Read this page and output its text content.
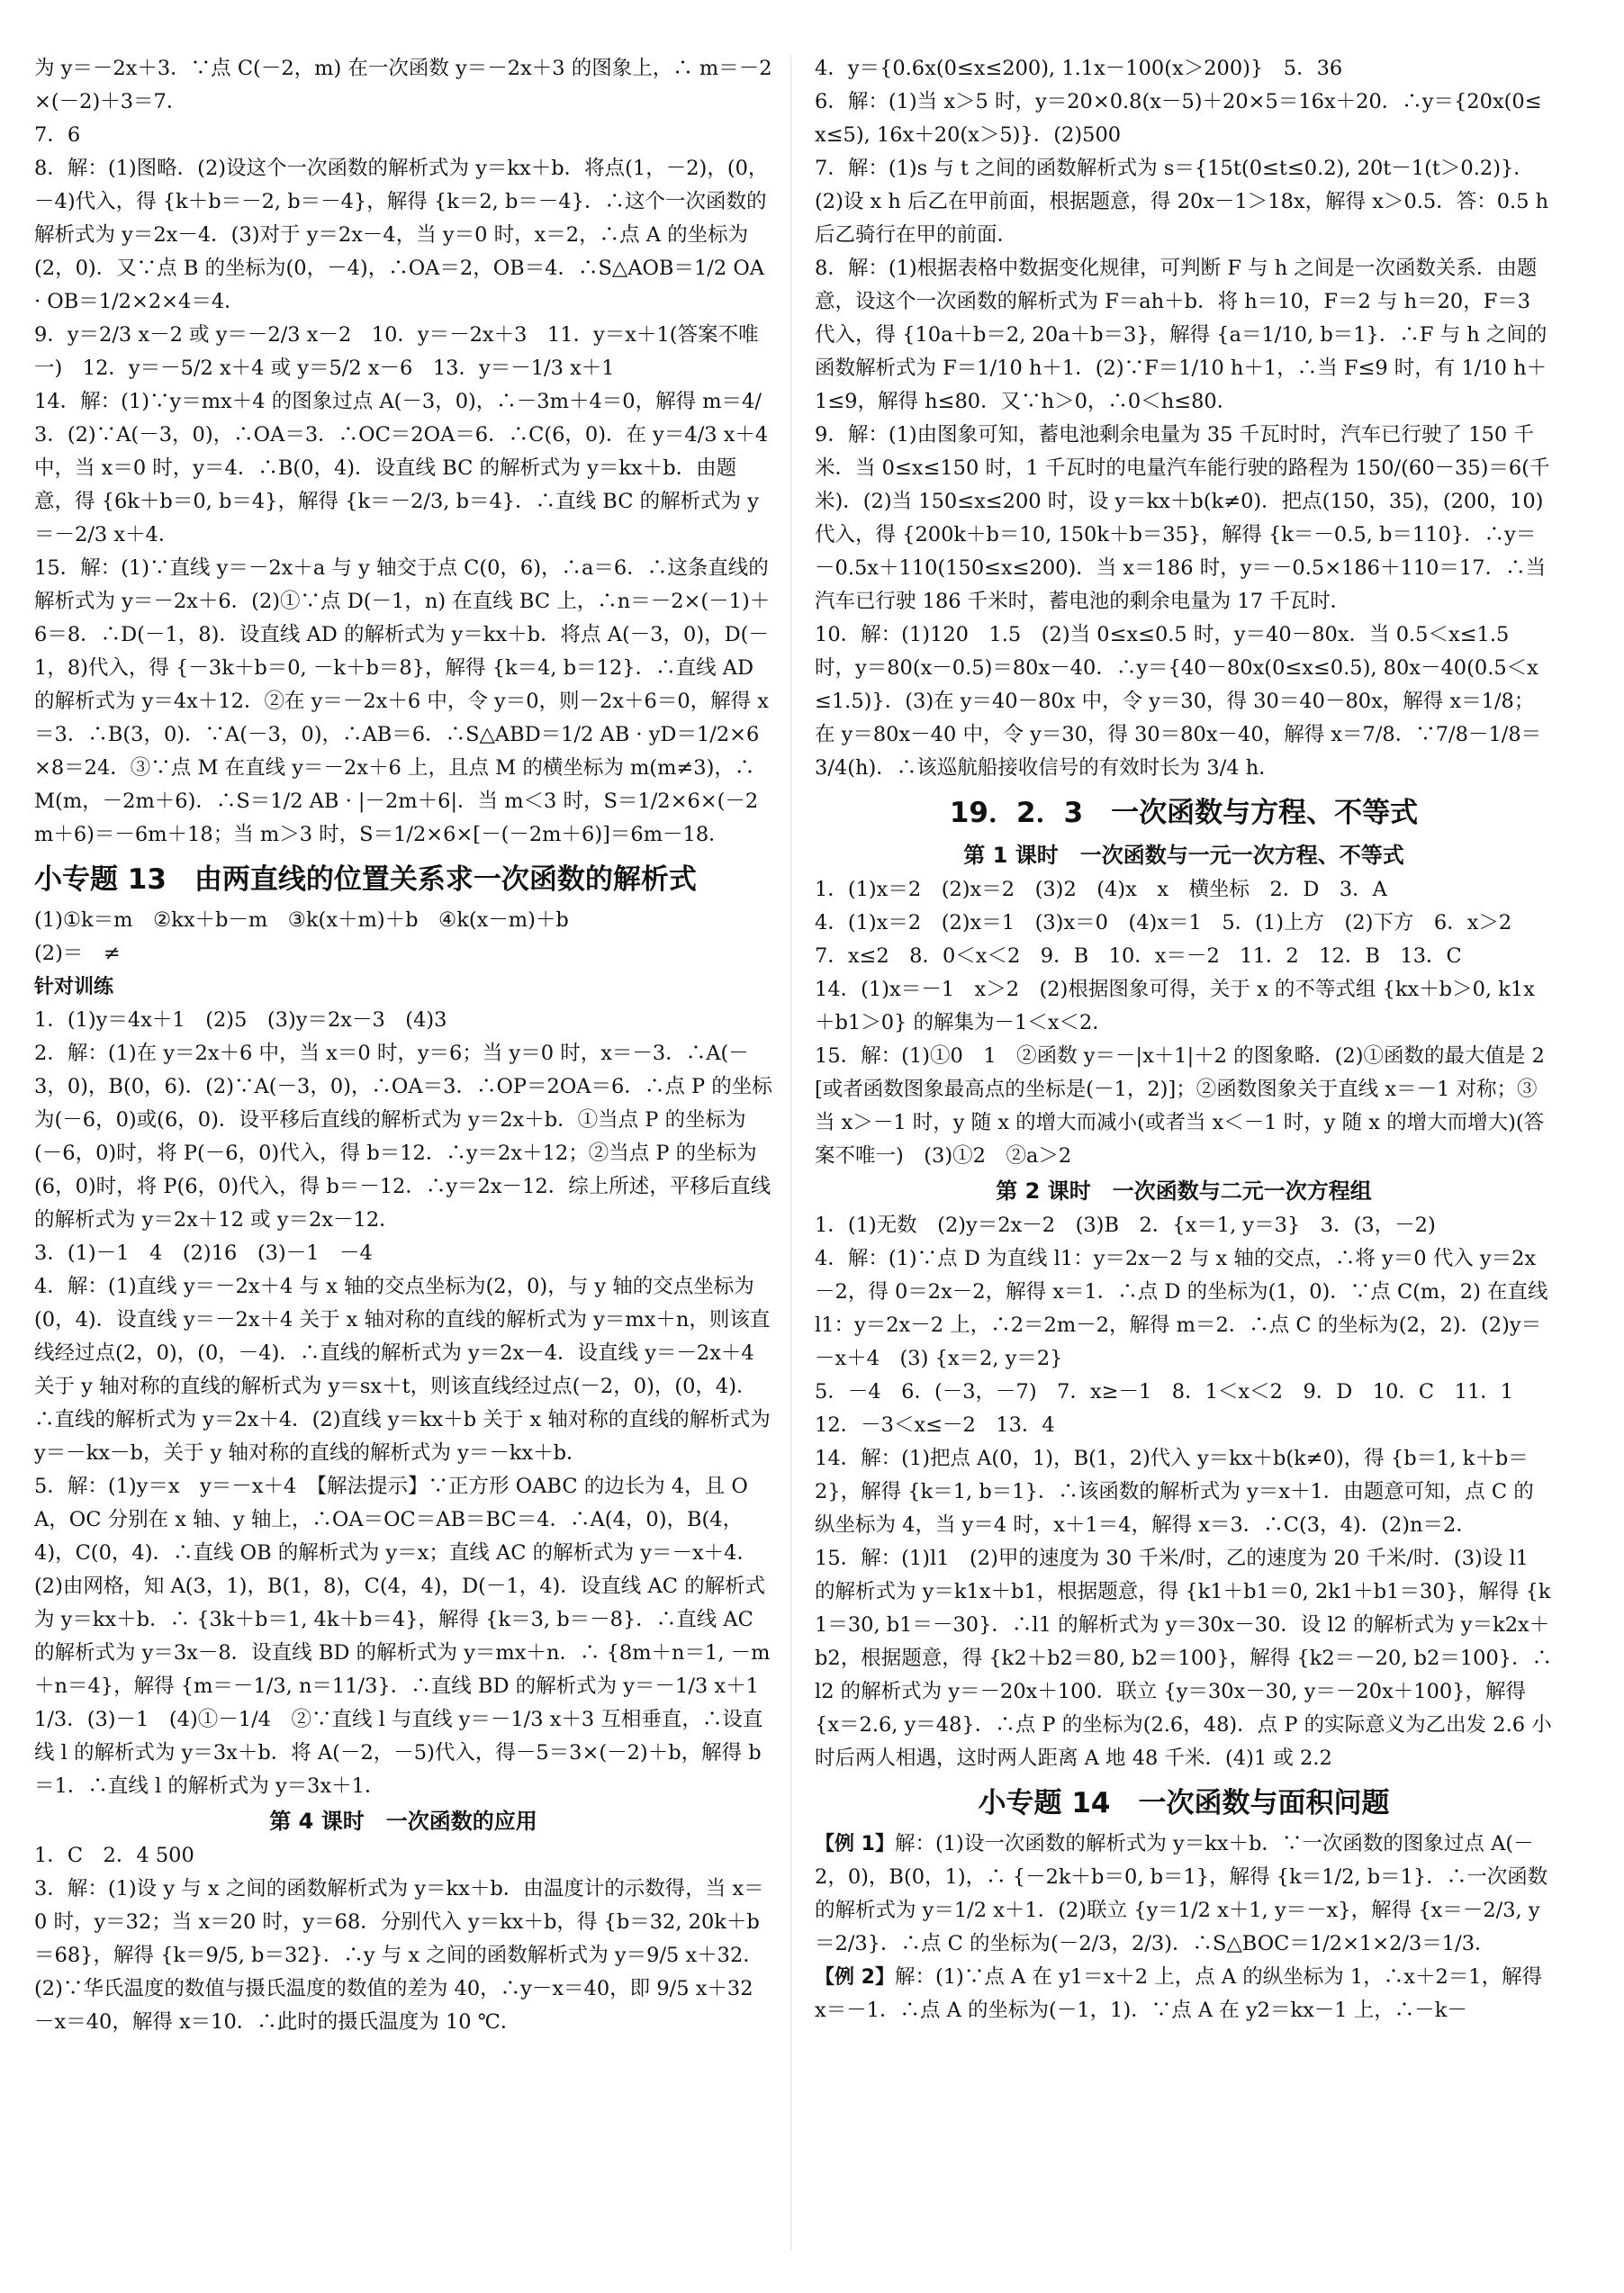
为 y＝－2x＋3．∵点 C(－2，m) 在一次函数 y＝－2x＋3 的图象上，∴ m＝－2×(－2)＋3＝7．

7．6

8．解：(1)图略．(2)设这个一次函数的解析式为 y＝kx＋b．将点(1，－2)，(0，－4)代入，得 {k＋b＝－2, b＝－4}，解得 {k＝2, b＝－4}．∴这个一次函数的解析式为 y＝2x－4．(3)对于 y＝2x－4，当 y＝0 时，x＝2，∴点 A 的坐标为(2，0)．又∵点 B 的坐标为(0，－4)，∴OA＝2，OB＝4．∴S△AOB＝1/2 OA · OB＝1/2×2×4＝4．

9．y＝2/3 x－2 或 y＝－2/3 x－2　10．y＝－2x＋3　11．y＝x＋1(答案不唯一)　12．y＝－5/2 x＋4 或 y＝5/2 x－6　13．y＝－1/3 x＋1

14．解：(1)∵y＝mx＋4 的图象过点 A(－3，0)，∴－3m＋4＝0，解得 m＝4/3．(2)∵A(－3，0)，∴OA＝3．∴OC＝2OA＝6．∴C(6，0)．在 y＝4/3 x＋4 中，当 x＝0 时，y＝4．∴B(0，4)．设直线 BC 的解析式为 y＝kx＋b．由题意，得 {6k＋b＝0, b＝4}，解得 {k＝－2/3, b＝4}．∴直线 BC 的解析式为 y＝－2/3 x＋4．

15．解：(1)∵直线 y＝－2x＋a 与 y 轴交于点 C(0，6)，∴a＝6．∴这条直线的解析式为 y＝－2x＋6．(2)①∵点 D(－1，n) 在直线 BC 上，∴n＝－2×(－1)＋6＝8．∴D(－1，8)．设直线 AD 的解析式为 y＝kx＋b．将点 A(－3，0)，D(－1，8)代入，得 {－3k＋b＝0, －k＋b＝8}，解得 {k＝4, b＝12}．∴直线 AD 的解析式为 y＝4x＋12．②在 y＝－2x＋6 中，令 y＝0，则－2x＋6＝0，解得 x＝3．∴B(3，0)．∵A(－3，0)，∴AB＝6．∴S△ABD＝1/2 AB · yD＝1/2×6×8＝24．③∵点 M 在直线 y＝－2x＋6 上，且点 M 的横坐标为 m(m≠3)，∴M(m，－2m＋6)．∴S＝1/2 AB · |－2m＋6|．当 m＜3 时，S＝1/2×6×(－2m＋6)＝－6m＋18；当 m＞3 时，S＝1/2×6×[－(－2m＋6)]＝6m－18．

小专题 13　由两直线的位置关系求一次函数的解析式

(1)①k＝m　②kx＋b－m　③k(x＋m)＋b　④k(x－m)＋b

(2)＝　≠

针对训练

1．(1)y＝4x＋1　(2)5　(3)y＝2x－3　(4)3

2．解：(1)在 y＝2x＋6 中，当 x＝0 时，y＝6；当 y＝0 时，x＝－3．∴A(－3，0)，B(0，6)．(2)∵A(－3，0)，∴OA＝3．∴OP＝2OA＝6．∴点 P 的坐标为(－6，0)或(6，0)．设平移后直线的解析式为 y＝2x＋b．①当点 P 的坐标为(－6，0)时，将 P(－6，0)代入，得 b＝12．∴y＝2x＋12；②当点 P 的坐标为(6，0)时，将 P(6，0)代入，得 b＝－12．∴y＝2x－12．综上所述，平移后直线的解析式为 y＝2x＋12 或 y＝2x－12．

3．(1)－1　4　(2)16　(3)－1　－4

4．解：(1)直线 y＝－2x＋4 与 x 轴的交点坐标为(2，0)，与 y 轴的交点坐标为(0，4)．设直线 y＝－2x＋4 关于 x 轴对称的直线的解析式为 y＝mx＋n，则该直线经过点(2，0)，(0，－4)．∴直线的解析式为 y＝2x－4．设直线 y＝－2x＋4 关于 y 轴对称的直线的解析式为 y＝sx＋t，则该直线经过点(－2，0)，(0，4)．∴直线的解析式为 y＝2x＋4．(2)直线 y＝kx＋b 关于 x 轴对称的直线的解析式为 y＝－kx－b，关于 y 轴对称的直线的解析式为 y＝－kx＋b．

5．解：(1)y＝x　y＝－x＋4　【解法提示】∵正方形 OABC 的边长为 4，且 OA，OC 分别在 x 轴、y 轴上，∴OA＝OC＝AB＝BC＝4．∴A(4，0)，B(4，4)，C(0，4)．∴直线 OB 的解析式为 y＝x；直线 AC 的解析式为 y＝－x＋4．(2)由网格，知 A(3，1)，B(1，8)，C(4，4)，D(－1，4)．设直线 AC 的解析式为 y＝kx＋b．∴ {3k＋b＝1, 4k＋b＝4}，解得 {k＝3, b＝－8}．∴直线 AC 的解析式为 y＝3x－8．设直线 BD 的解析式为 y＝mx＋n．∴ {8m＋n＝1, －m＋n＝4}，解得 {m＝－1/3, n＝11/3}．∴直线 BD 的解析式为 y＝－1/3 x＋11/3．(3)－1　(4)①－1/4　②∵直线 l 与直线 y＝－1/3 x＋3 互相垂直，∴设直线 l 的解析式为 y＝3x＋b．将 A(－2，－5)代入，得－5＝3×(－2)＋b，解得 b＝1．∴直线 l 的解析式为 y＝3x＋1．

第 4 课时　一次函数的应用

1．C　2．4 500

3．解：(1)设 y 与 x 之间的函数解析式为 y＝kx＋b．由温度计的示数得，当 x＝0 时，y＝32；当 x＝20 时，y＝68．分别代入 y＝kx＋b，得 {b＝32, 20k＋b＝68}，解得 {k＝9/5, b＝32}．∴y 与 x 之间的函数解析式为 y＝9/5 x＋32．(2)∵华氏温度的数值与摄氏温度的数值的差为 40，∴y－x＝40，即 9/5 x＋32－x＝40，解得 x＝10．∴此时的摄氏温度为 10 ℃．

4．y＝{0.6x(0≤x≤200), 1.1x－100(x＞200)}　5．36

6．解：(1)当 x＞5 时，y＝20×0.8(x－5)＋20×5＝16x＋20．∴y＝{20x(0≤x≤5), 16x＋20(x＞5)}．(2)500

7．解：(1)s 与 t 之间的函数解析式为 s＝{15t(0≤t≤0.2), 20t－1(t＞0.2)}．(2)设 x h 后乙在甲前面，根据题意，得 20x－1＞18x，解得 x＞0.5．答：0.5 h 后乙骑行在甲的前面．

8．解：(1)根据表格中数据变化规律，可判断 F 与 h 之间是一次函数关系．由题意，设这个一次函数的解析式为 F＝ah＋b．将 h＝10，F＝2 与 h＝20，F＝3 代入，得 {10a＋b＝2, 20a＋b＝3}，解得 {a＝1/10, b＝1}．∴F 与 h 之间的函数解析式为 F＝1/10 h＋1．(2)∵F＝1/10 h＋1，∴当 F≤9 时，有 1/10 h＋1≤9，解得 h≤80．又∵h＞0，∴0＜h≤80．

9．解：(1)由图象可知，蓄电池剩余电量为 35 千瓦时时，汽车已行驶了 150 千米．当 0≤x≤150 时，1 千瓦时的电量汽车能行驶的路程为 150/(60－35)＝6(千米)．(2)当 150≤x≤200 时，设 y＝kx＋b(k≠0)．把点(150，35)，(200，10)代入，得 {200k＋b＝10, 150k＋b＝35}，解得 {k＝－0.5, b＝110}．∴y＝－0.5x＋110(150≤x≤200)．当 x＝186 时，y＝－0.5×186＋110＝17．∴当汽车已行驶 186 千米时，蓄电池的剩余电量为 17 千瓦时．

10．解：(1)120　1.5　(2)当 0≤x≤0.5 时，y＝40－80x．当 0.5＜x≤1.5 时，y＝80(x－0.5)＝80x－40．∴y＝{40－80x(0≤x≤0.5), 80x－40(0.5＜x≤1.5)}．(3)在 y＝40－80x 中，令 y＝30，得 30＝40－80x，解得 x＝1/8；在 y＝80x－40 中，令 y＝30，得 30＝80x－40，解得 x＝7/8．∵7/8－1/8＝3/4(h)．∴该巡航船接收信号的有效时长为 3/4 h．

19．2．3　一次函数与方程、不等式
第 1 课时　一次函数与一元一次方程、不等式

1．(1)x＝2　(2)x＝2　(3)2　(4)x　x　横坐标　2．D　3．A

4．(1)x＝2　(2)x＝1　(3)x＝0　(4)x＝1　5．(1)上方　(2)下方　6．x＞2

7．x≤2　8．0＜x＜2　9．B　10．x＝－2　11．2　12．B　13．C

14．(1)x＝－1　x＞2　(2)根据图象可得，关于 x 的不等式组 {kx＋b＞0, k1x＋b1＞0} 的解集为－1＜x＜2．

15．解：(1)①0　1　②函数 y＝－|x＋1|＋2 的图象略．(2)①函数的最大值是 2[或者函数图象最高点的坐标是(－1，2)]；②函数图象关于直线 x＝－1 对称；③当 x＞－1 时，y 随 x 的增大而减小(或者当 x＜－1 时，y 随 x 的增大而增大)(答案不唯一)　(3)①2　②a＞2

第 2 课时　一次函数与二元一次方程组

1．(1)无数　(2)y＝2x－2　(3)B　2．{x＝1, y＝3}　3．(3，－2)

4．解：(1)∵点 D 为直线 l1：y＝2x－2 与 x 轴的交点，∴将 y＝0 代入 y＝2x－2，得 0＝2x－2，解得 x＝1．∴点 D 的坐标为(1，0)．∵点 C(m，2) 在直线 l1：y＝2x－2 上，∴2＝2m－2，解得 m＝2．∴点 C 的坐标为(2，2)．(2)y＝－x＋4　(3) {x＝2, y＝2}

5．－4　6．(－3，－7)　7．x≥－1　8．1＜x＜2　9．D　10．C　11．1

12．－3＜x≤－2　13．4

14．解：(1)把点 A(0，1)，B(1，2)代入 y＝kx＋b(k≠0)，得 {b＝1, k＋b＝2}，解得 {k＝1, b＝1}．∴该函数的解析式为 y＝x＋1．由题意可知，点 C 的纵坐标为 4，当 y＝4 时，x＋1＝4，解得 x＝3．∴C(3，4)．(2)n＝2．

15．解：(1)l1　(2)甲的速度为 30 千米/时，乙的速度为 20 千米/时．(3)设 l1 的解析式为 y＝k1x＋b1，根据题意，得 {k1＋b1＝0, 2k1＋b1＝30}，解得 {k1＝30, b1＝－30}．∴l1 的解析式为 y＝30x－30．设 l2 的解析式为 y＝k2x＋b2，根据题意，得 {k2＋b2＝80, b2＝100}，解得 {k2＝－20, b2＝100}．∴l2 的解析式为 y＝－20x＋100．联立 {y＝30x－30, y＝－20x＋100}，解得 {x＝2.6, y＝48}．∴点 P 的坐标为(2.6，48)．点 P 的实际意义为乙出发 2.6 小时后两人相遇，这时两人距离 A 地 48 千米．(4)1 或 2.2

小专题 14　一次函数与面积问题

【例 1】解：(1)设一次函数的解析式为 y＝kx＋b．∵一次函数的图象过点 A(－2，0)，B(0，1)，∴ {－2k＋b＝0, b＝1}，解得 {k＝1/2, b＝1}．∴一次函数的解析式为 y＝1/2 x＋1．(2)联立 {y＝1/2 x＋1, y＝－x}，解得 {x＝－2/3, y＝2/3}．∴点 C 的坐标为(－2/3，2/3)．∴S△BOC＝1/2×1×2/3＝1/3．

【例 2】解：(1)∵点 A 在 y1＝x＋2 上，点 A 的纵坐标为 1，∴x＋2＝1，解得 x＝－1．∴点 A 的坐标为(－1，1)．∵点 A 在 y2＝kx－1 上，∴－k－
